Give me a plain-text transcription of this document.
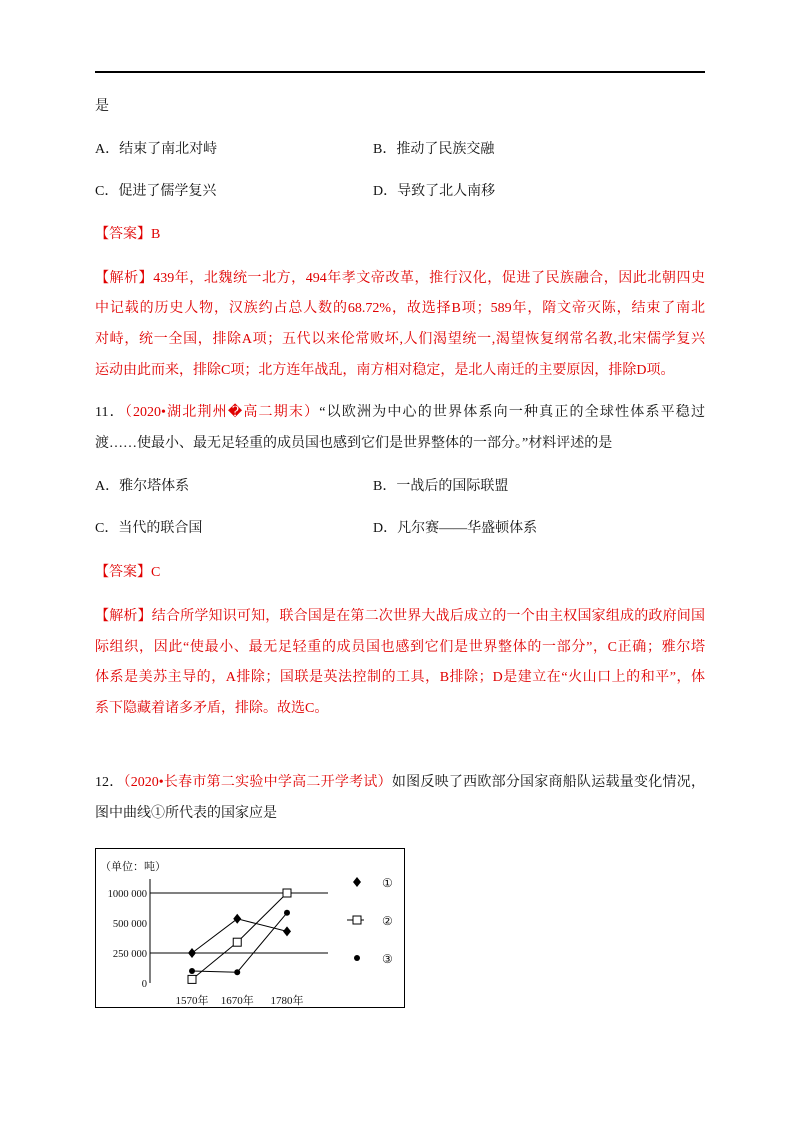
是
A．结束了南北对峙	B．推动了民族交融
C．促进了儒学复兴	D．导致了北人南移
【答案】B
【解析】439年，北魏统一北方，494年孝文帝改革，推行汉化，促进了民族融合，因此北朝四史
中记载的历史人物，汉族约占总人数的68.72%，故选择B项；589年，隋文帝灭陈，结束了南北
对峙，统一全国，排除A项；五代以来伦常败坏,人们渴望统一,渴望恢复纲常名教,北宋儒学复兴
运动由此而来，排除C项；北方连年战乱，南方相对稳定，是北人南迁的主要原因，排除D项。
11．（2020•湖北荆州�高二期末）“以欧洲为中心的世界体系向一种真正的全球性体系平稳过
渡……使最小、最无足轻重的成员国也感到它们是世界整体的一部分。”材料评述的是
A．雅尔塔体系	B．一战后的国际联盟
C．当代的联合国	D．凡尔赛——华盛顿体系
【答案】C
【解析】结合所学知识可知，联合国是在第二次世界大战后成立的一个由主权国家组成的政府间国
际组织，因此“使最小、最无足轻重的成员国也感到它们是世界整体的一部分”，C正确；雅尔塔
体系是美苏主导的，A排除；国联是英法控制的工具，B排除；D是建立在“火山口上的和平”，体
系下隐藏着诸多矛盾，排除。故选C。
12．（2020•长春市第二实验中学高二开学考试）如图反映了西欧部分国家商船队运载量变化情况，
图中曲线①所代表的国家应是
（单位：吨）
0
250 000
500 000
1000 000
1570年 1670年 1780年
①
②
③
